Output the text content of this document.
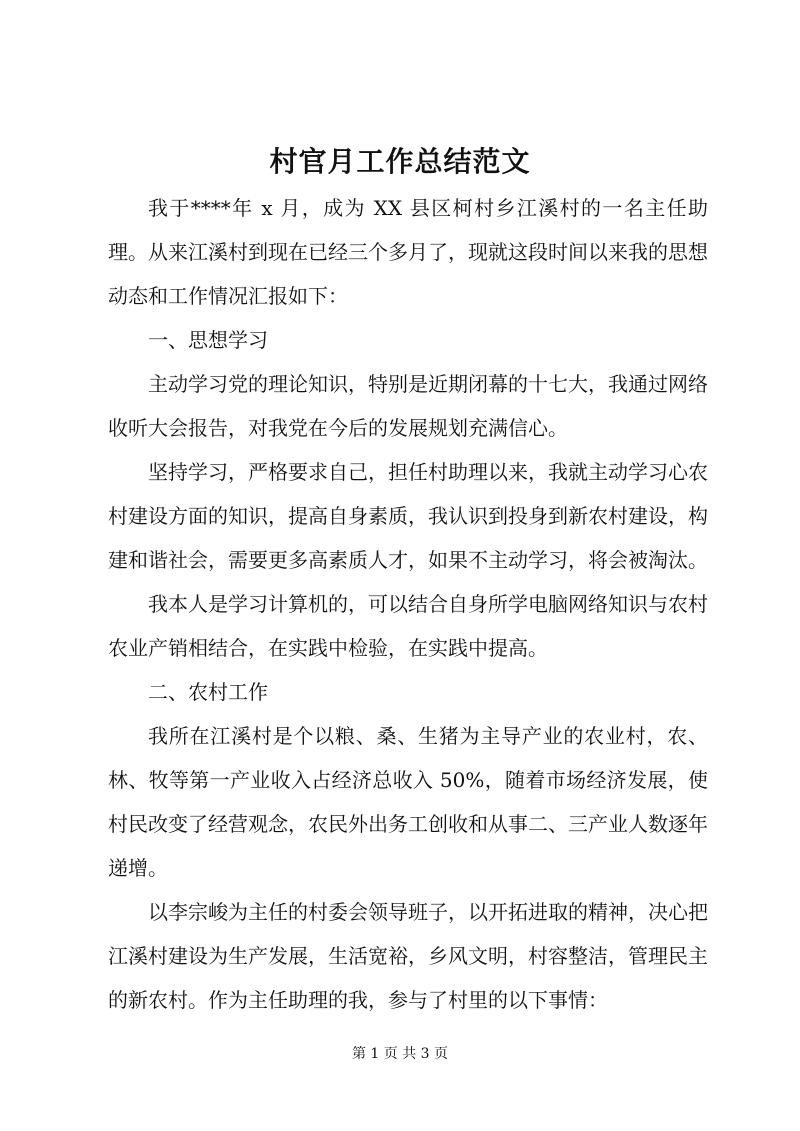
村官月工作总结范文

我于****年 x 月，成为 XX 县区柯村乡江溪村的一名主任助理。从来江溪村到现在已经三个多月了，现就这段时间以来我的思想动态和工作情况汇报如下：

一、思想学习

主动学习党的理论知识，特别是近期闭幕的十七大，我通过网络收听大会报告，对我党在今后的发展规划充满信心。

坚持学习，严格要求自己，担任村助理以来，我就主动学习心农村建设方面的知识，提高自身素质，我认识到投身到新农村建设，构建和谐社会，需要更多高素质人才，如果不主动学习，将会被淘汰。

我本人是学习计算机的，可以结合自身所学电脑网络知识与农村农业产销相结合，在实践中检验，在实践中提高。

二、农村工作

我所在江溪村是个以粮、桑、生猪为主导产业的农业村，农、林、牧等第一产业收入占经济总收入 50%，随着市场经济发展，使村民改变了经营观念，农民外出务工创收和从事二、三产业人数逐年递增。

以李宗峻为主任的村委会领导班子，以开拓进取的精神，决心把江溪村建设为生产发展，生活宽裕，乡风文明，村容整洁，管理民主的新农村。作为主任助理的我，参与了村里的以下事情：

第 1 页 共 3 页
